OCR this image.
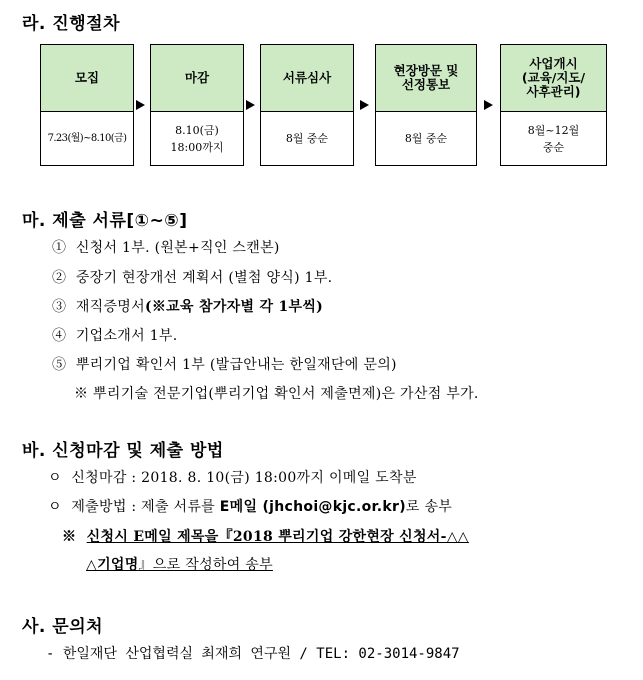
라. 진행절차
모집
7.23(월)~8.10(금)
마감
8.10(금)
18:00까지
서류심사
8월 중순
현장방문 및
선정통보
8월 중순
사업개시
(교육/지도/
사후관리)
8월~12월
중순
마. 제출 서류[①~⑤]
① 신청서 1부. (원본+직인 스캔본)
② 중장기 현장개선 계획서 (별첨 양식) 1부.
③ 재직증명서(※교육 참가자별 각 1부씩)
④ 기업소개서 1부.
⑤ 뿌리기업 확인서 1부 (발급안내는 한일재단에 문의)
※ 뿌리기술 전문기업(뿌리기업 확인서 제출면제)은 가산점 부가.
바. 신청마감 및 제출 방법
ㅇ 신청마감 : 2018. 8. 10(금) 18:00까지 이메일 도착분
ㅇ 제출방법 : 제출 서류를 E메일 (jhchoi@kjc.or.kr)로 송부
※ 신청시 E메일 제목을『2018 뿌리기업 강한현장 신청서-△△
△기업명』으로 작성하여 송부
사. 문의처
- 한일재단 산업협력실 최재희 연구원 / TEL: 02-3014-9847
